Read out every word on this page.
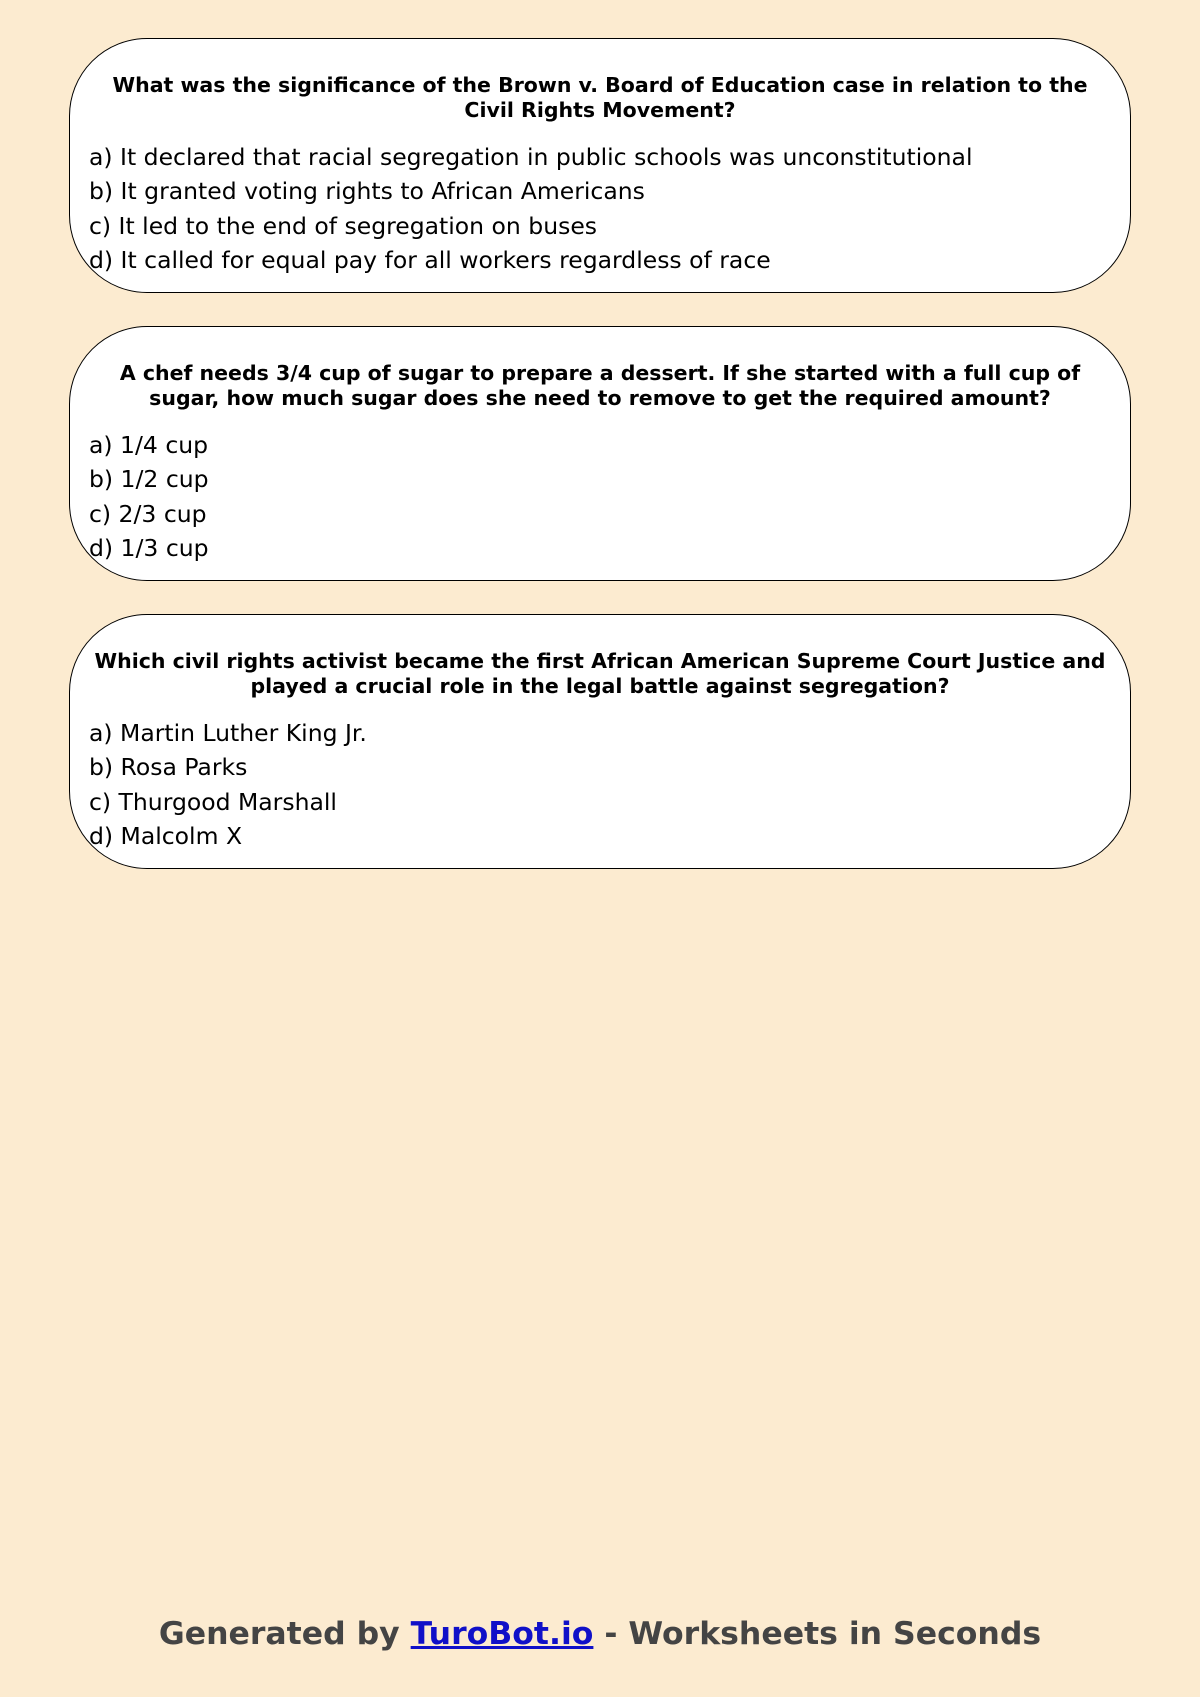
What was the significance of the Brown v. Board of Education case in relation to the Civil Rights Movement?

a) It declared that racial segregation in public schools was unconstitutional
b) It granted voting rights to African Americans
c) It led to the end of segregation on buses
d) It called for equal pay for all workers regardless of race

A chef needs 3/4 cup of sugar to prepare a dessert. If she started with a full cup of sugar, how much sugar does she need to remove to get the required amount?

a) 1/4 cup
b) 1/2 cup
c) 2/3 cup
d) 1/3 cup

Which civil rights activist became the first African American Supreme Court Justice and played a crucial role in the legal battle against segregation?

a) Martin Luther King Jr.
b) Rosa Parks
c) Thurgood Marshall
d) Malcolm X
Generated by TuroBot.io - Worksheets in Seconds
